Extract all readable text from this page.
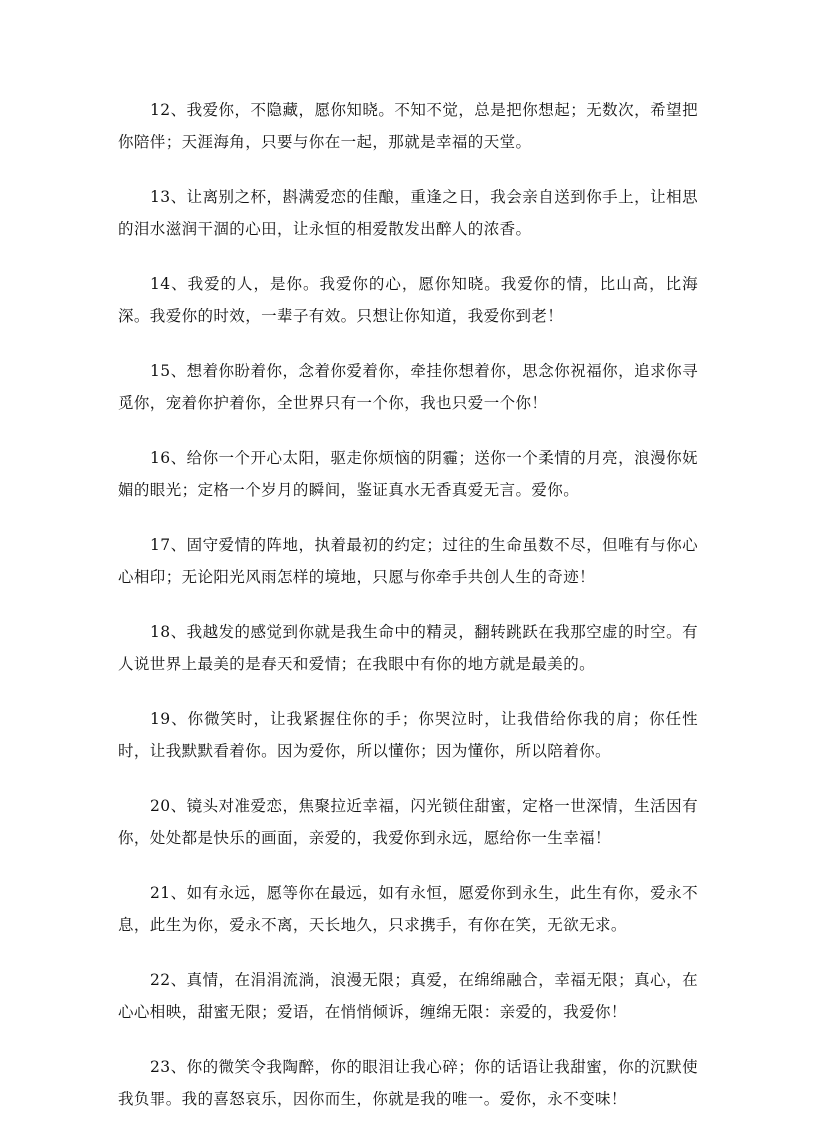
12、我爱你，不隐藏，愿你知晓。不知不觉，总是把你想起；无数次，希望把你陪伴；天涯海角，只要与你在一起，那就是幸福的天堂。

13、让离别之杯，斟满爱恋的佳酿，重逢之日，我会亲自送到你手上，让相思的泪水滋润干涸的心田，让永恒的相爱散发出醉人的浓香。

14、我爱的人，是你。我爱你的心，愿你知晓。我爱你的情，比山高，比海深。我爱你的时效，一辈子有效。只想让你知道，我爱你到老！

15、想着你盼着你，念着你爱着你，牵挂你想着你，思念你祝福你，追求你寻觅你，宠着你护着你，全世界只有一个你，我也只爱一个你！

16、给你一个开心太阳，驱走你烦恼的阴霾；送你一个柔情的月亮，浪漫你妩媚的眼光；定格一个岁月的瞬间，鉴证真水无香真爱无言。爱你。

17、固守爱情的阵地，执着最初的约定；过往的生命虽数不尽，但唯有与你心心相印；无论阳光风雨怎样的境地，只愿与你牵手共创人生的奇迹！

18、我越发的感觉到你就是我生命中的精灵，翻转跳跃在我那空虚的时空。有人说世界上最美的是春天和爱情；在我眼中有你的地方就是最美的。

19、你微笑时，让我紧握住你的手；你哭泣时，让我借给你我的肩；你任性时，让我默默看着你。因为爱你，所以懂你；因为懂你，所以陪着你。

20、镜头对准爱恋，焦聚拉近幸福，闪光锁住甜蜜，定格一世深情，生活因有你，处处都是快乐的画面，亲爱的，我爱你到永远，愿给你一生幸福！

21、如有永远，愿等你在最远，如有永恒，愿爱你到永生，此生有你，爱永不息，此生为你，爱永不离，天长地久，只求携手，有你在笑，无欲无求。

22、真情，在涓涓流淌，浪漫无限；真爱，在绵绵融合，幸福无限；真心，在心心相映，甜蜜无限；爱语，在悄悄倾诉，缠绵无限：亲爱的，我爱你！

23、你的微笑令我陶醉，你的眼泪让我心碎；你的话语让我甜蜜，你的沉默使我负罪。我的喜怒哀乐，因你而生，你就是我的唯一。爱你，永不变味！
